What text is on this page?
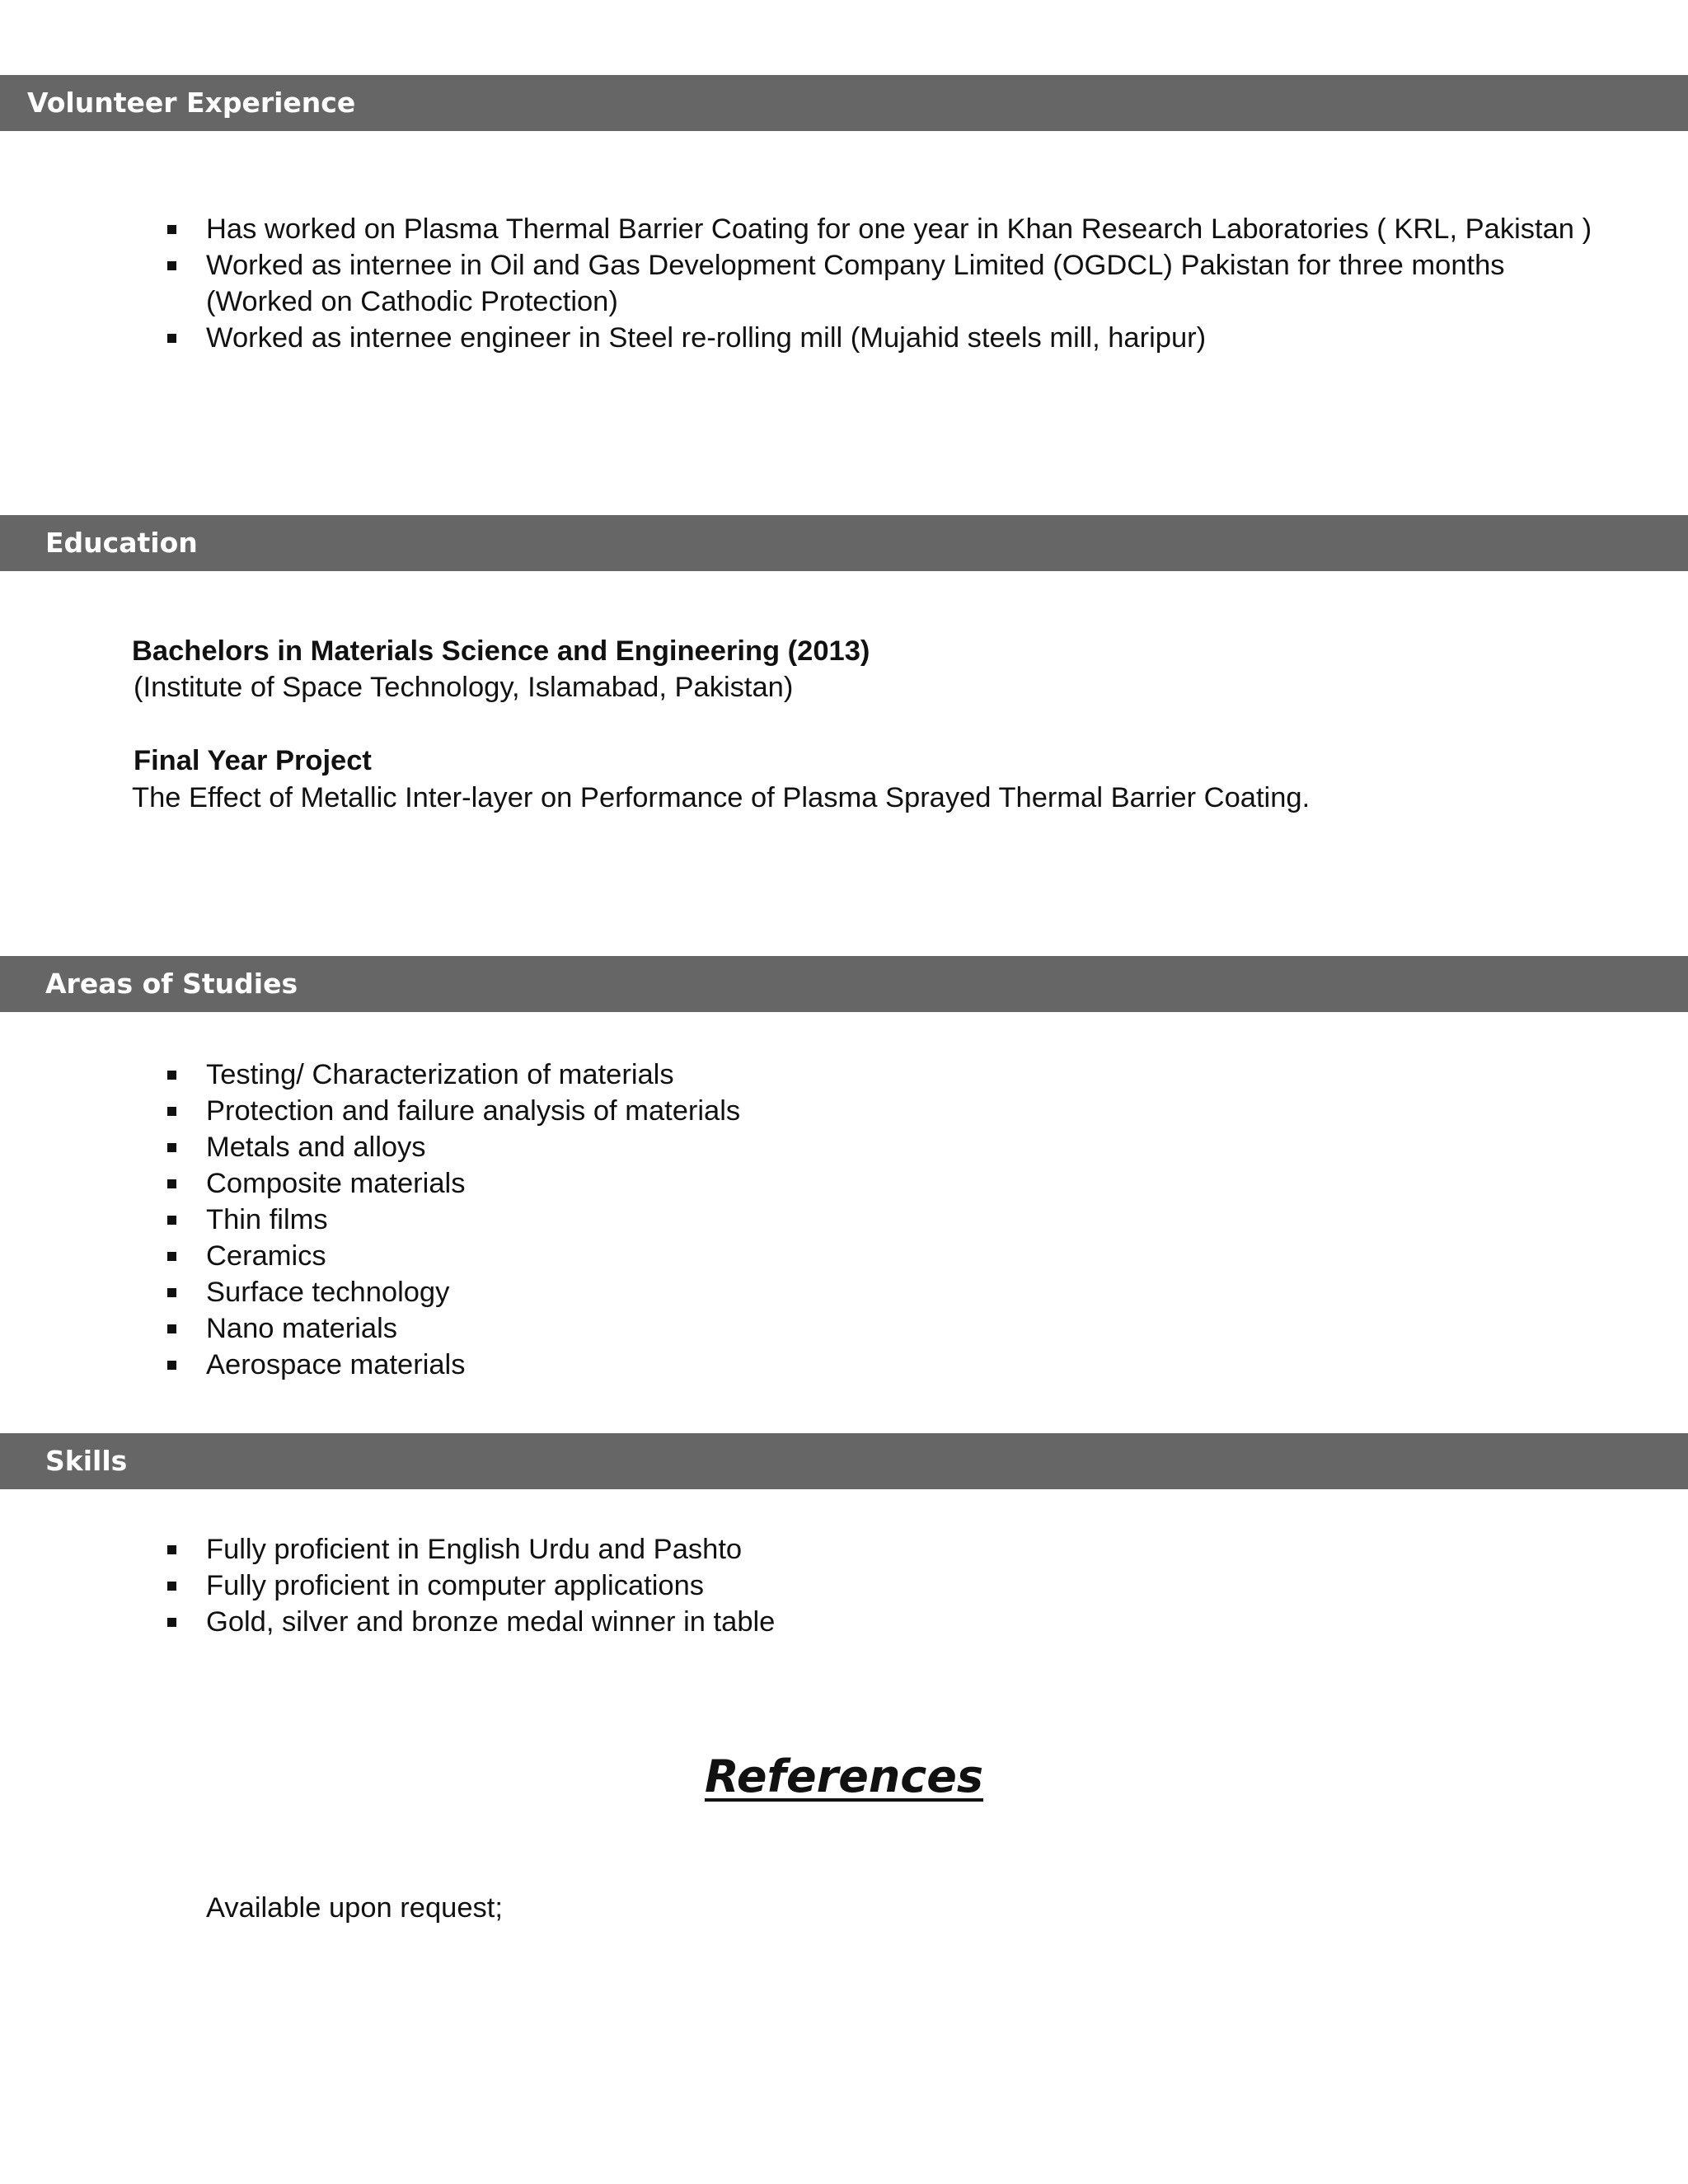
Volunteer Experience
Has worked on Plasma Thermal Barrier Coating for one year in Khan Research Laboratories ( KRL, Pakistan )
Worked as internee in Oil and Gas Development Company Limited (OGDCL) Pakistan for three months (Worked on Cathodic Protection)
Worked as internee engineer in Steel re-rolling mill (Mujahid steels mill, haripur)
Education
Bachelors in Materials Science and Engineering (2013)
(Institute of Space Technology, Islamabad, Pakistan)
Final Year Project
The Effect of Metallic Inter-layer on Performance of Plasma Sprayed Thermal Barrier Coating.
Areas of Studies
Testing/ Characterization of materials
Protection and failure analysis of materials
Metals and alloys
Composite materials
Thin films
Ceramics
Surface technology
Nano materials
Aerospace materials
Skills
Fully proficient in English Urdu and Pashto
Fully proficient in computer applications
Gold, silver and bronze medal winner in table
References
Available upon request;
